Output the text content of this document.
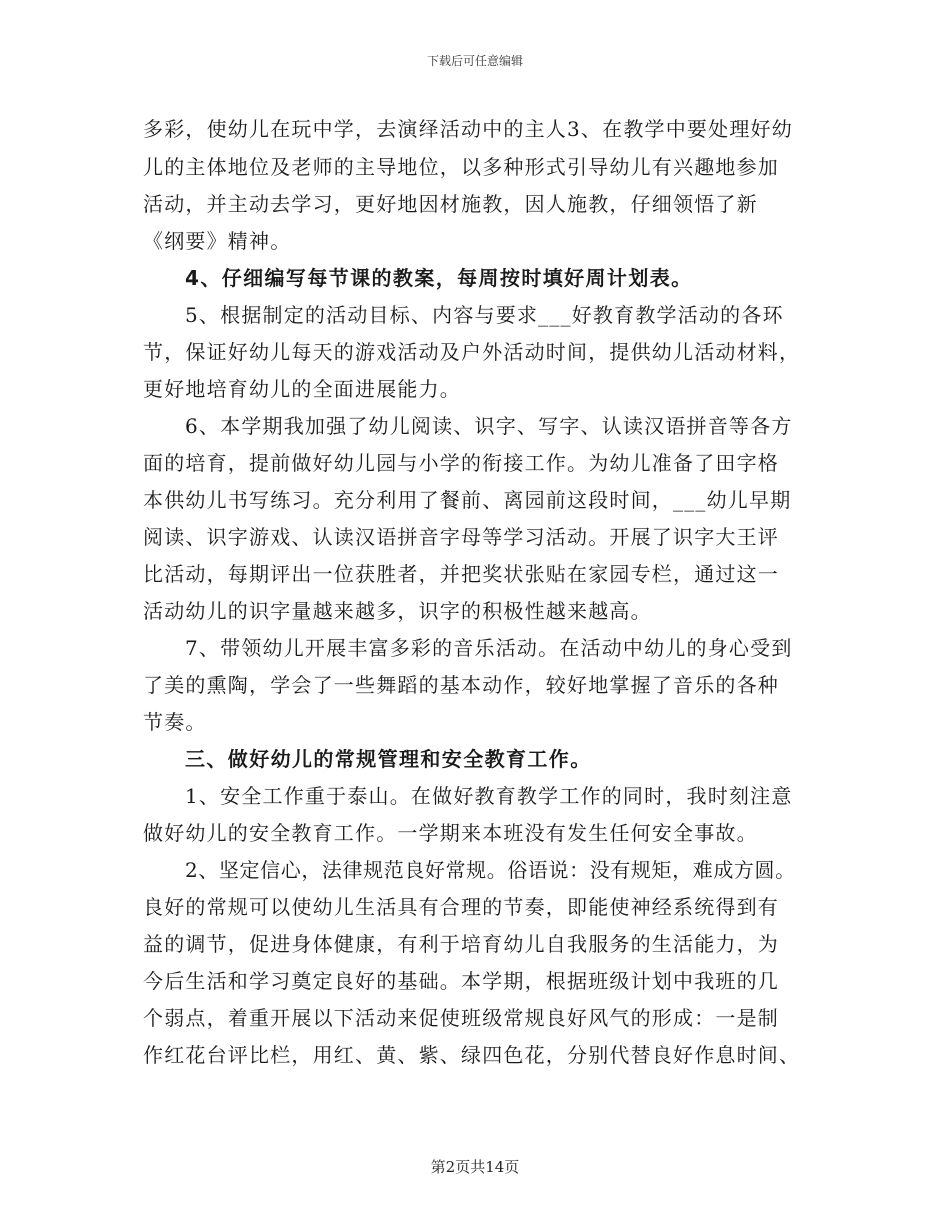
下载后可任意编辑
多彩，使幼儿在玩中学，去演绎活动中的主人3、在教学中要处理好幼
儿的主体地位及老师的主导地位，以多种形式引导幼儿有兴趣地参加
活动，并主动去学习，更好地因材施教，因人施教，仔细领悟了新
《纲要》精神。
4、仔细编写每节课的教案，每周按时填好周计划表。
5、根据制定的活动目标、内容与要求___好教育教学活动的各环
节，保证好幼儿每天的游戏活动及户外活动时间，提供幼儿活动材料，
更好地培育幼儿的全面进展能力。
6、本学期我加强了幼儿阅读、识字、写字、认读汉语拼音等各方
面的培育，提前做好幼儿园与小学的衔接工作。为幼儿准备了田字格
本供幼儿书写练习。充分利用了餐前、离园前这段时间，___幼儿早期
阅读、识字游戏、认读汉语拼音字母等学习活动。开展了识字大王评
比活动，每期评出一位获胜者，并把奖状张贴在家园专栏，通过这一
活动幼儿的识字量越来越多，识字的积极性越来越高。
7、带领幼儿开展丰富多彩的音乐活动。在活动中幼儿的身心受到
了美的熏陶，学会了一些舞蹈的基本动作，较好地掌握了音乐的各种
节奏。
三、做好幼儿的常规管理和安全教育工作。
1、安全工作重于泰山。在做好教育教学工作的同时，我时刻注意
做好幼儿的安全教育工作。一学期来本班没有发生任何安全事故。
2、坚定信心，法律规范良好常规。俗语说：没有规矩，难成方圆。
良好的常规可以使幼儿生活具有合理的节奏，即能使神经系统得到有
益的调节，促进身体健康，有利于培育幼儿自我服务的生活能力，为
今后生活和学习奠定良好的基础。本学期，根据班级计划中我班的几
个弱点，着重开展以下活动来促使班级常规良好风气的形成：一是制
作红花台评比栏，用红、黄、紫、绿四色花，分别代替良好作息时间、
第2页共14页
